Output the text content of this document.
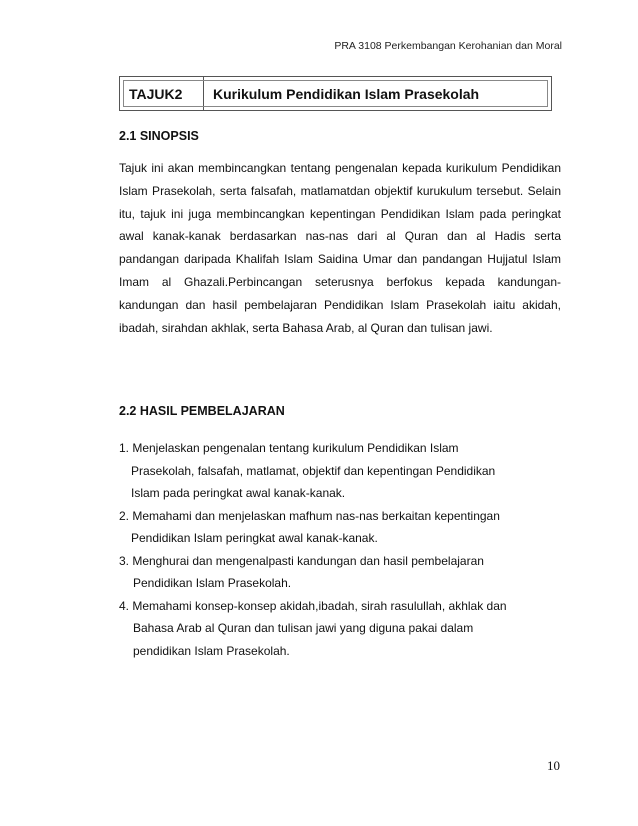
PRA 3108 Perkembangan Kerohanian dan Moral
TAJUK2	Kurikulum Pendidikan Islam Prasekolah
2.1 SINOPSIS

Tajuk ini akan membincangkan tentang pengenalan kepada kurikulum Pendidikan Islam Prasekolah, serta falsafah, matlamatdan objektif kurukulum tersebut. Selain itu, tajuk ini juga membincangkan kepentingan Pendidikan Islam pada peringkat awal kanak-kanak berdasarkan nas-nas dari al Quran dan al Hadis serta pandangan daripada Khalifah Islam Saidina Umar dan pandangan Hujjatul Islam Imam al Ghazali.Perbincangan seterusnya berfokus kepada kandungan-kandungan dan hasil pembelajaran Pendidikan Islam Prasekolah iaitu akidah, ibadah, sirahdan akhlak, serta Bahasa Arab, al Quran dan tulisan jawi.

2.2 HASIL PEMBELAJARAN
1. Menjelaskan pengenalan tentang kurikulum Pendidikan Islam
Prasekolah, falsafah, matlamat, objektif dan kepentingan Pendidikan
Islam pada peringkat awal kanak-kanak.
2. Memahami dan menjelaskan mafhum nas-nas berkaitan kepentingan
Pendidikan Islam peringkat awal kanak-kanak.
3. Menghurai dan mengenalpasti kandungan dan hasil pembelajaran
Pendidikan Islam Prasekolah.
4. Memahami konsep-konsep akidah,ibadah, sirah rasulullah, akhlak dan
Bahasa Arab al Quran dan tulisan jawi yang diguna pakai dalam
pendidikan Islam Prasekolah.
10
